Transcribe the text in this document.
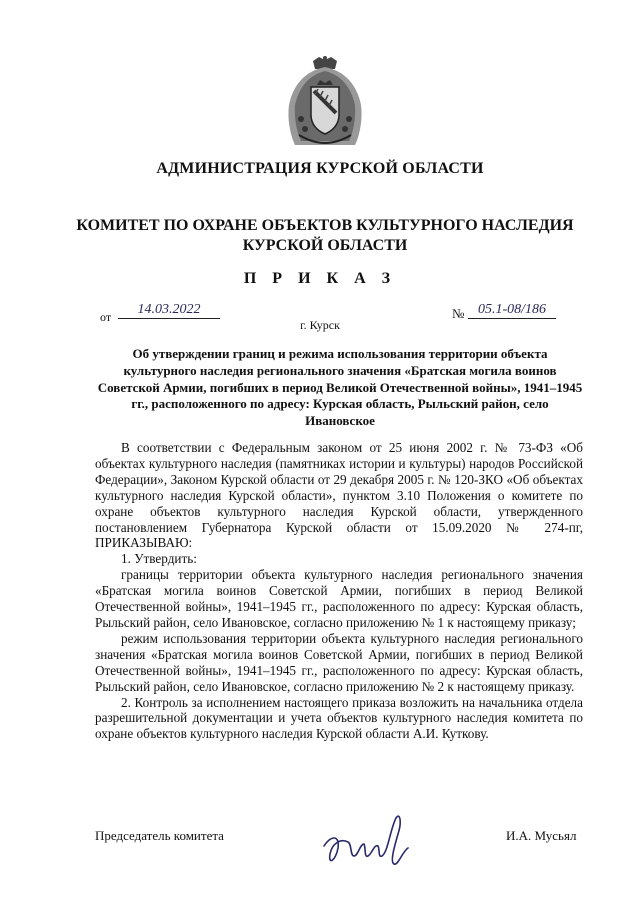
АДМИНИСТРАЦИЯ КУРСКОЙ ОБЛАСТИ
КОМИТЕТ ПО ОХРАНЕ ОБЪЕКТОВ КУЛЬТУРНОГО НАСЛЕДИЯ
КУРСКОЙ ОБЛАСТИ
П Р И К А З
от	14.03.2022	№ 05.1-08/186
г. Курск
Об утверждении границ и режима использования территории объекта культурного наследия регионального значения «Братская могила воинов Советской Армии, погибших в период Великой Отечественной войны», 1941–1945 гг., расположенного по адресу: Курская область, Рыльский район, село Ивановское

В соответствии с Федеральным законом от 25 июня 2002 г. № 73-ФЗ «Об объектах культурного наследия (памятниках истории и культуры) народов Российской Федерации», Законом Курской области от 29 декабря 2005 г. № 120-ЗКО «Об объектах культурного наследия Курской области», пунктом 3.10 Положения о комитете по охране объектов культурного наследия Курской области, утвержденного постановлением Губернатора Курской области от 15.09.2020 № 274-пг, ПРИКАЗЫВАЮ:

1. Утвердить:

границы территории объекта культурного наследия регионального значения «Братская могила воинов Советской Армии, погибших в период Великой Отечественной войны», 1941–1945 гг., расположенного по адресу: Курская область, Рыльский район, село Ивановское, согласно приложению № 1 к настоящему приказу;

режим использования территории объекта культурного наследия регионального значения «Братская могила воинов Советской Армии, погибших в период Великой Отечественной войны», 1941–1945 гг., расположенного по адресу: Курская область, Рыльский район, село Ивановское, согласно приложению № 2 к настоящему приказу.

2. Контроль за исполнением настоящего приказа возложить на начальника отдела разрешительной документации и учета объектов культурного наследия комитета по охране объектов культурного наследия Курской области А.И. Куткову.

Председатель комитета	И.А. Мусьял
